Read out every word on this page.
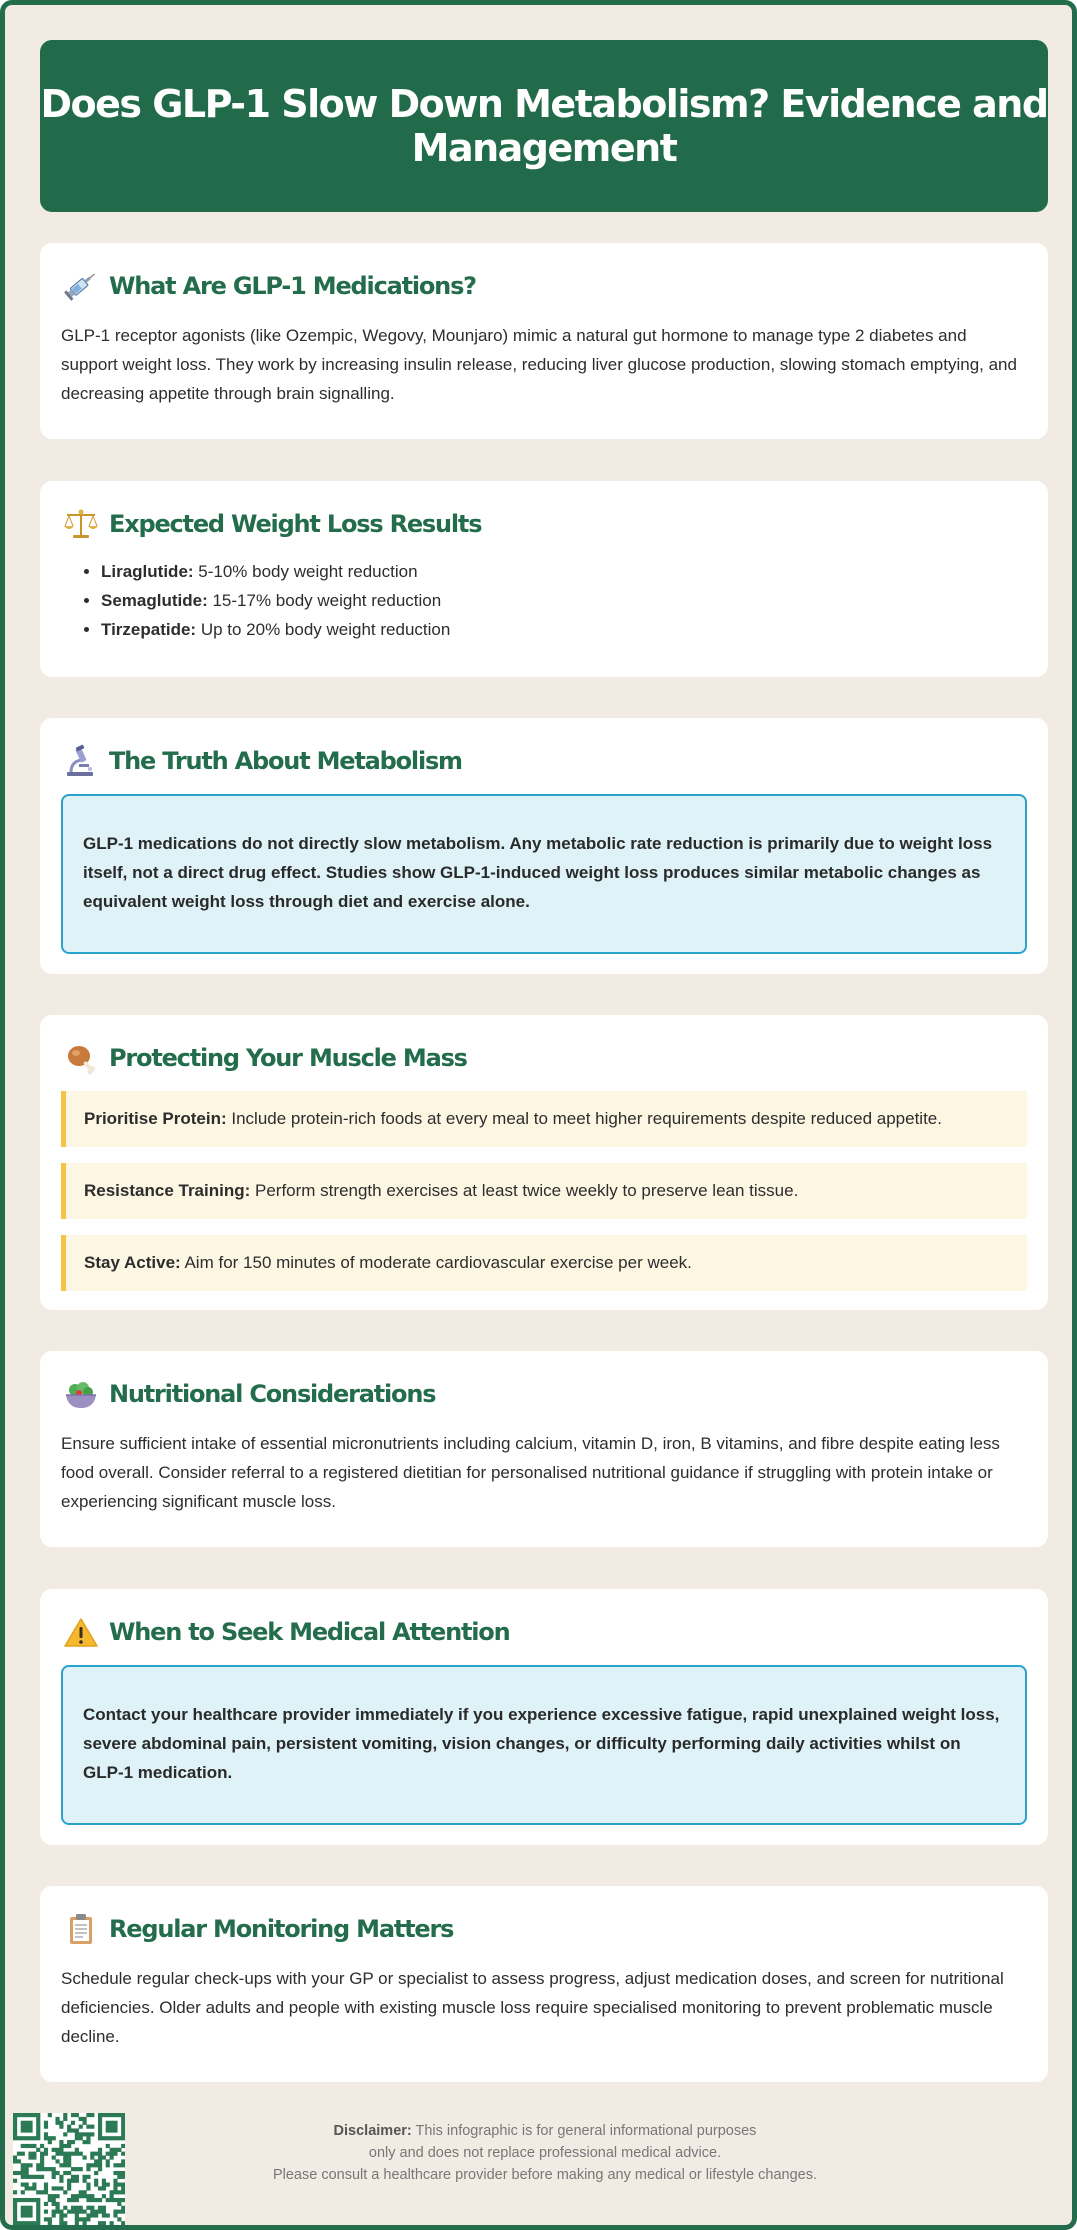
Does GLP-1 Slow Down Metabolism? Evidence and Management
What Are GLP-1 Medications?

GLP-1 receptor agonists (like Ozempic, Wegovy, Mounjaro) mimic a natural gut hormone to manage type 2 diabetes and support weight loss. They work by increasing insulin release, reducing liver glucose production, slowing stomach emptying, and decreasing appetite through brain signalling.

Expected Weight Loss Results
• Liraglutide: 5-10% body weight reduction
• Semaglutide: 15-17% body weight reduction
• Tirzepatide: Up to 20% body weight reduction
The Truth About Metabolism
GLP-1 medications do not directly slow metabolism. Any metabolic rate reduction is primarily due to weight loss itself, not a direct drug effect. Studies show GLP-1-induced weight loss produces similar metabolic changes as equivalent weight loss through diet and exercise alone.
Protecting Your Muscle Mass
Prioritise Protein: Include protein-rich foods at every meal to meet higher requirements despite reduced appetite.
Resistance Training: Perform strength exercises at least twice weekly to preserve lean tissue.
Stay Active: Aim for 150 minutes of moderate cardiovascular exercise per week.
Nutritional Considerations

Ensure sufficient intake of essential micronutrients including calcium, vitamin D, iron, B vitamins, and fibre despite eating less food overall. Consider referral to a registered dietitian for personalised nutritional guidance if struggling with protein intake or experiencing significant muscle loss.

When to Seek Medical Attention
Contact your healthcare provider immediately if you experience excessive fatigue, rapid unexplained weight loss, severe abdominal pain, persistent vomiting, vision changes, or difficulty performing daily activities whilst on GLP-1 medication.
Regular Monitoring Matters

Schedule regular check-ups with your GP or specialist to assess progress, adjust medication doses, and screen for nutritional deficiencies. Older adults and people with existing muscle loss require specialised monitoring to prevent problematic muscle decline.

Disclaimer: This infographic is for general informational purposes
only and does not replace professional medical advice.
Please consult a healthcare provider before making any medical or lifestyle changes.
